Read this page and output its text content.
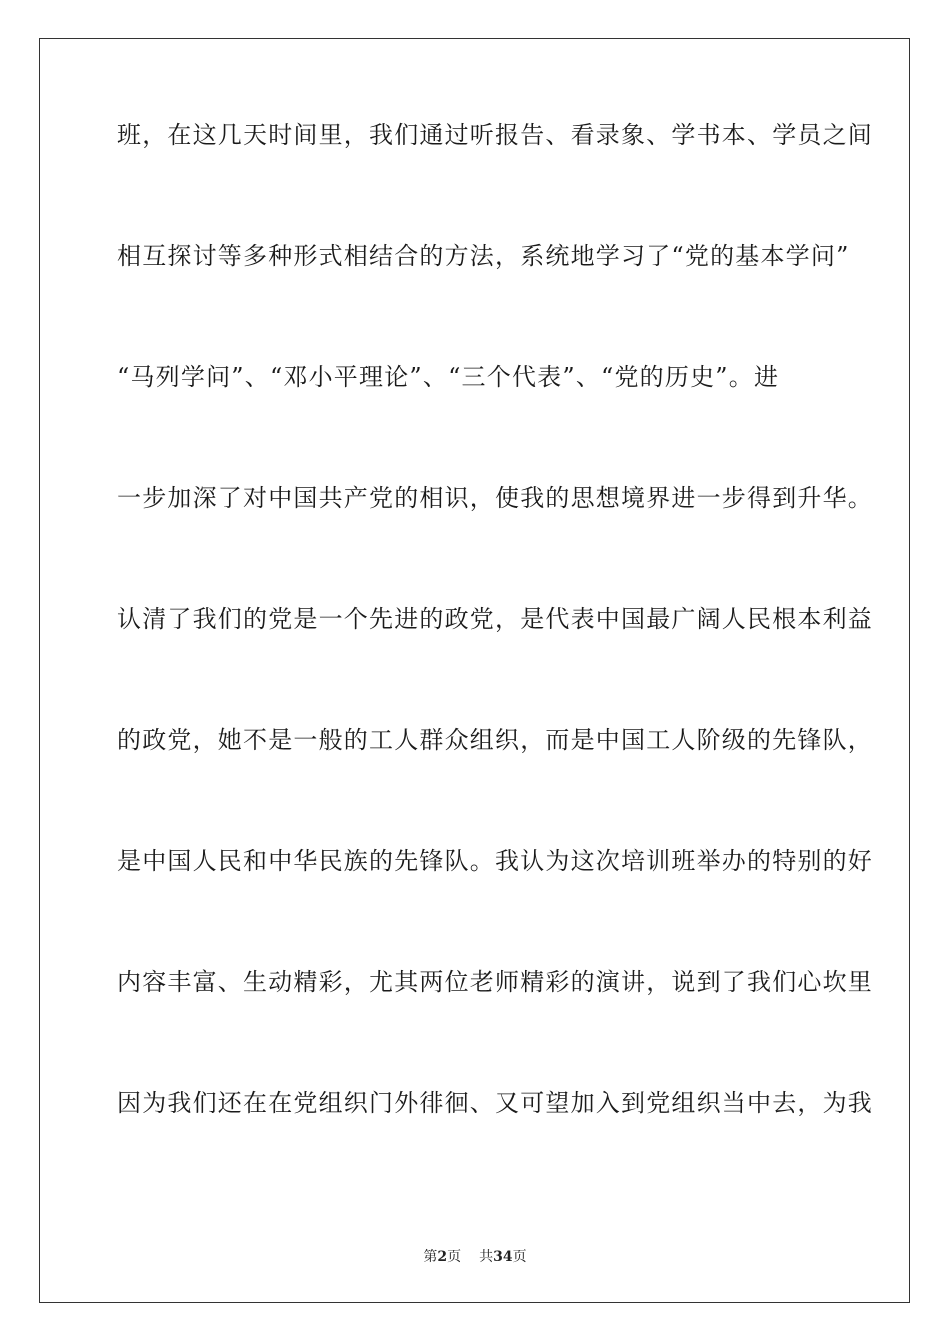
班，在这几天时间里，我们通过听报告、看录象、学书本、学员之间
相互探讨等多种形式相结合的方法，系统地学习了“党的基本学问”
“马列学问”、“邓小平理论”、“三个代表”、“党的历史”。进
一步加深了对中国共产党的相识，使我的思想境界进一步得到升华。
认清了我们的党是一个先进的政党，是代表中国最广阔人民根本利益
的政党，她不是一般的工人群众组织，而是中国工人阶级的先锋队，
是中国人民和中华民族的先锋队。我认为这次培训班举办的特别的好
内容丰富、生动精彩，尤其两位老师精彩的演讲，说到了我们心坎里
因为我们还在在党组织门外徘徊、又可望加入到党组织当中去，为我
第2页 共34页
